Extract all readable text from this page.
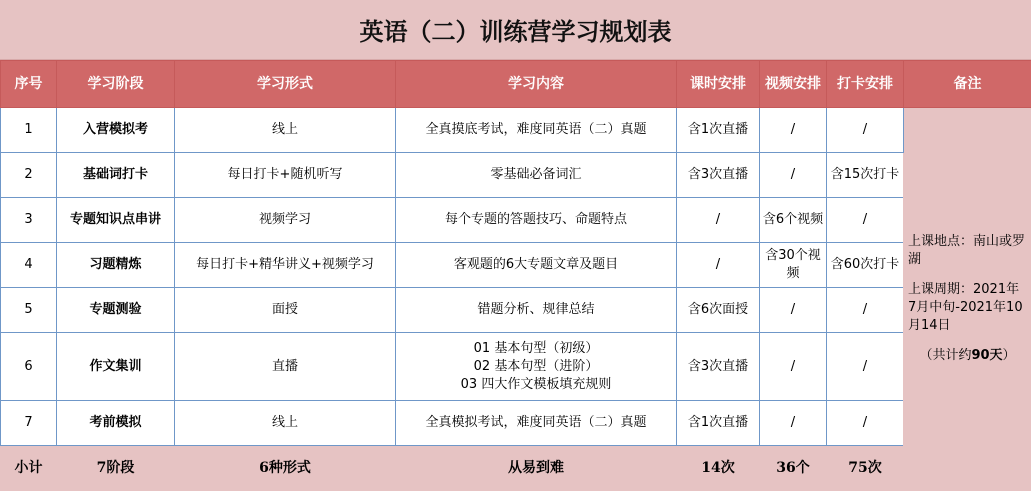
英语（二）训练营学习规划表
序号	学习阶段	学习形式	学习内容	课时安排	视频安排	打卡安排	备注
1	入营模拟考	线上	全真摸底考试，难度同英语（二）真题	含1次直播	/	/	上课地点：南山或罗湖
上课周期：2021年7月中旬-2021年10月14日
（共计约90天）

2	基础词打卡	每日打卡+随机听写	零基础必备词汇	含3次直播	/	含15次打卡	
3	专题知识点串讲	视频学习	每个专题的答题技巧、命题特点	/	含6个视频	/	
4	习题精炼	每日打卡+精华讲义+视频学习	客观题的6大专题文章及题目	/	含30个视频	含60次打卡	
5	专题测验	面授	错题分析、规律总结	含6次面授	/	/	
6	作文集训	直播	01 基本句型（初级）
02 基本句型（进阶）
03 四大作文模板填充规则	含3次直播	/	/	
7	考前模拟	线上	全真模拟考试，难度同英语（二）真题	含1次直播	/	/	
小计	7阶段	6种形式	从易到难	14次	36个	75次	
